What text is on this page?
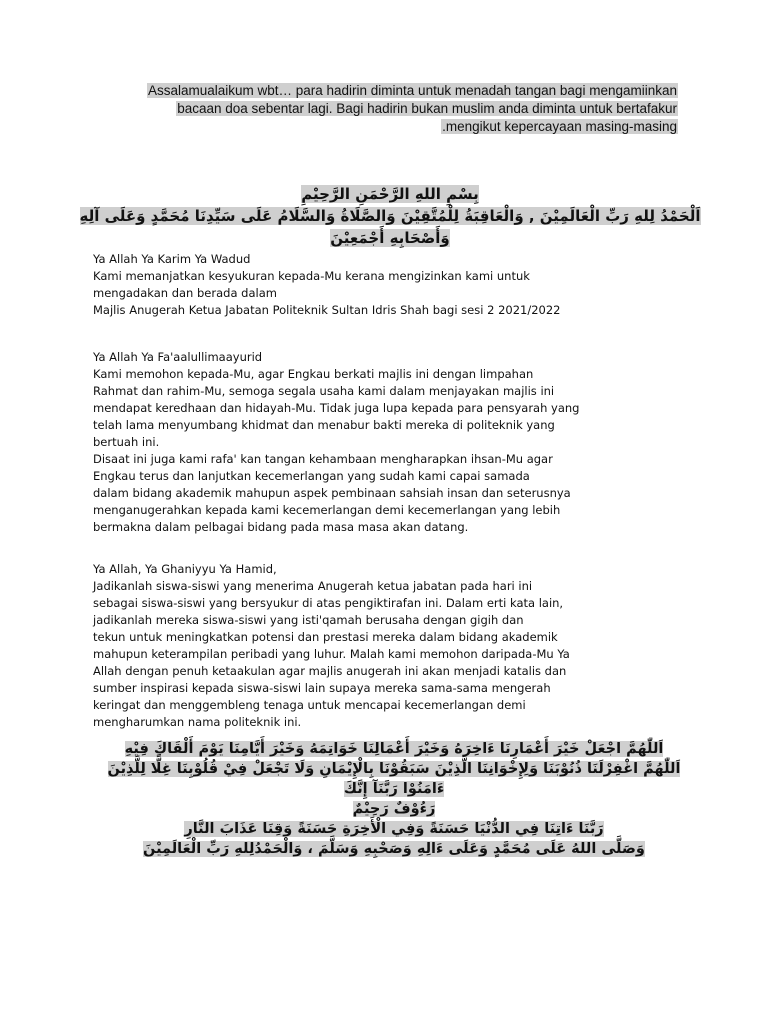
Assalamualaikum wbt… para hadirin diminta untuk menadah tangan bagi mengamiinkan
bacaan doa sebentar lagi. Bagi hadirin bukan muslim anda diminta untuk bertafakur
.mengikut kepercayaan masing-masing
بِسْمِ اللهِ الرَّحْمَنِ الرَّحِيْمِ
اَلْحَمْدُ لِلهِ رَبِّ الْعَالَمِيْنَ , وَالْعَاقِبَةُ لِلْمُتَّقِيْنَ وَالصَّلَاةُ وَالسَّلَامُ عَلَى سَيِّدِنَا مُحَمَّدٍ وَعَلَى آلِهِ
وَأَصْحَابِهِ أَجْمَعِيْنَ
Ya Allah Ya Karim Ya Wadud
Kami memanjatkan kesyukuran kepada-Mu kerana mengizinkan kami untuk
mengadakan dan berada dalam
Majlis Anugerah Ketua Jabatan Politeknik Sultan Idris Shah bagi sesi 2 2021/2022
Ya Allah Ya Fa'aalullimaayurid
Kami memohon kepada-Mu, agar Engkau berkati majlis ini dengan limpahan
Rahmat dan rahim-Mu, semoga segala usaha kami dalam menjayakan majlis ini
mendapat keredhaan dan hidayah-Mu. Tidak juga lupa kepada para pensyarah yang
telah lama menyumbang khidmat dan menabur bakti mereka di politeknik yang
bertuah ini.
Disaat ini juga kami rafa' kan tangan kehambaan mengharapkan ihsan-Mu agar
Engkau terus dan lanjutkan kecemerlangan yang sudah kami capai samada
dalam bidang akademik mahupun aspek pembinaan sahsiah insan dan seterusnya
menganugerahkan kepada kami kecemerlangan demi kecemerlangan yang lebih
bermakna dalam pelbagai bidang pada masa masa akan datang.
Ya Allah, Ya Ghaniyyu Ya Hamid,
Jadikanlah siswa-siswi yang menerima Anugerah ketua jabatan pada hari ini
sebagai siswa-siswi yang bersyukur di atas pengiktirafan ini. Dalam erti kata lain,
jadikanlah mereka siswa-siswi yang isti'qamah berusaha dengan gigih dan
tekun untuk meningkatkan potensi dan prestasi mereka dalam bidang akademik
mahupun keterampilan peribadi yang luhur. Malah kami memohon daripada-Mu Ya
Allah dengan penuh ketaakulan agar majlis anugerah ini akan menjadi katalis dan
sumber inspirasi kepada siswa-siswi lain supaya mereka sama-sama mengerah
keringat dan menggembleng tenaga untuk mencapai kecemerlangan demi
mengharumkan nama politeknik ini.
اَللّٰهُمَّ اجْعَلْ خَيْرَ أَعْمَارِنَا ءَاخِرَهُ وَخَيْرَ أَعْمَالِنَا خَوَاتِمَهُ وَخَيْرَ أَيَّامِنَا يَوْمَ أَلْقَاكَ فِيْهِ
اَللّٰهُمَّ اغْفِرْلَنَا ذُنُوْبَنَا وَلِإِخْوَانِنَا الَّذِيْنَ سَبَقُوْنَا بِالْإِيْمَانِ وَلَا تَجْعَلْ فِيْ قُلُوْبِنَا غِلًّا لِلَّذِيْنَ ءَامَنُوْا رَبَّنَآ إِنَّكَ
رَءُوْفٌ رَحِيْمٌ
رَبَّنَا ءَاتِنَا فِي الدُّنْيَا حَسَنَةً وَفِي الْأَخِرَةِ حَسَنَةً وَقِنَا عَذَابَ النَّارِ
وَصَلَّى اللهُ عَلَى مُحَمَّدٍ وَعَلَى ءَالِهِ وَصَحْبِهِ وَسَلَّمَ ، وَالْحَمْدُلِلهِ رَبِّ الْعَالَمِيْنَ
